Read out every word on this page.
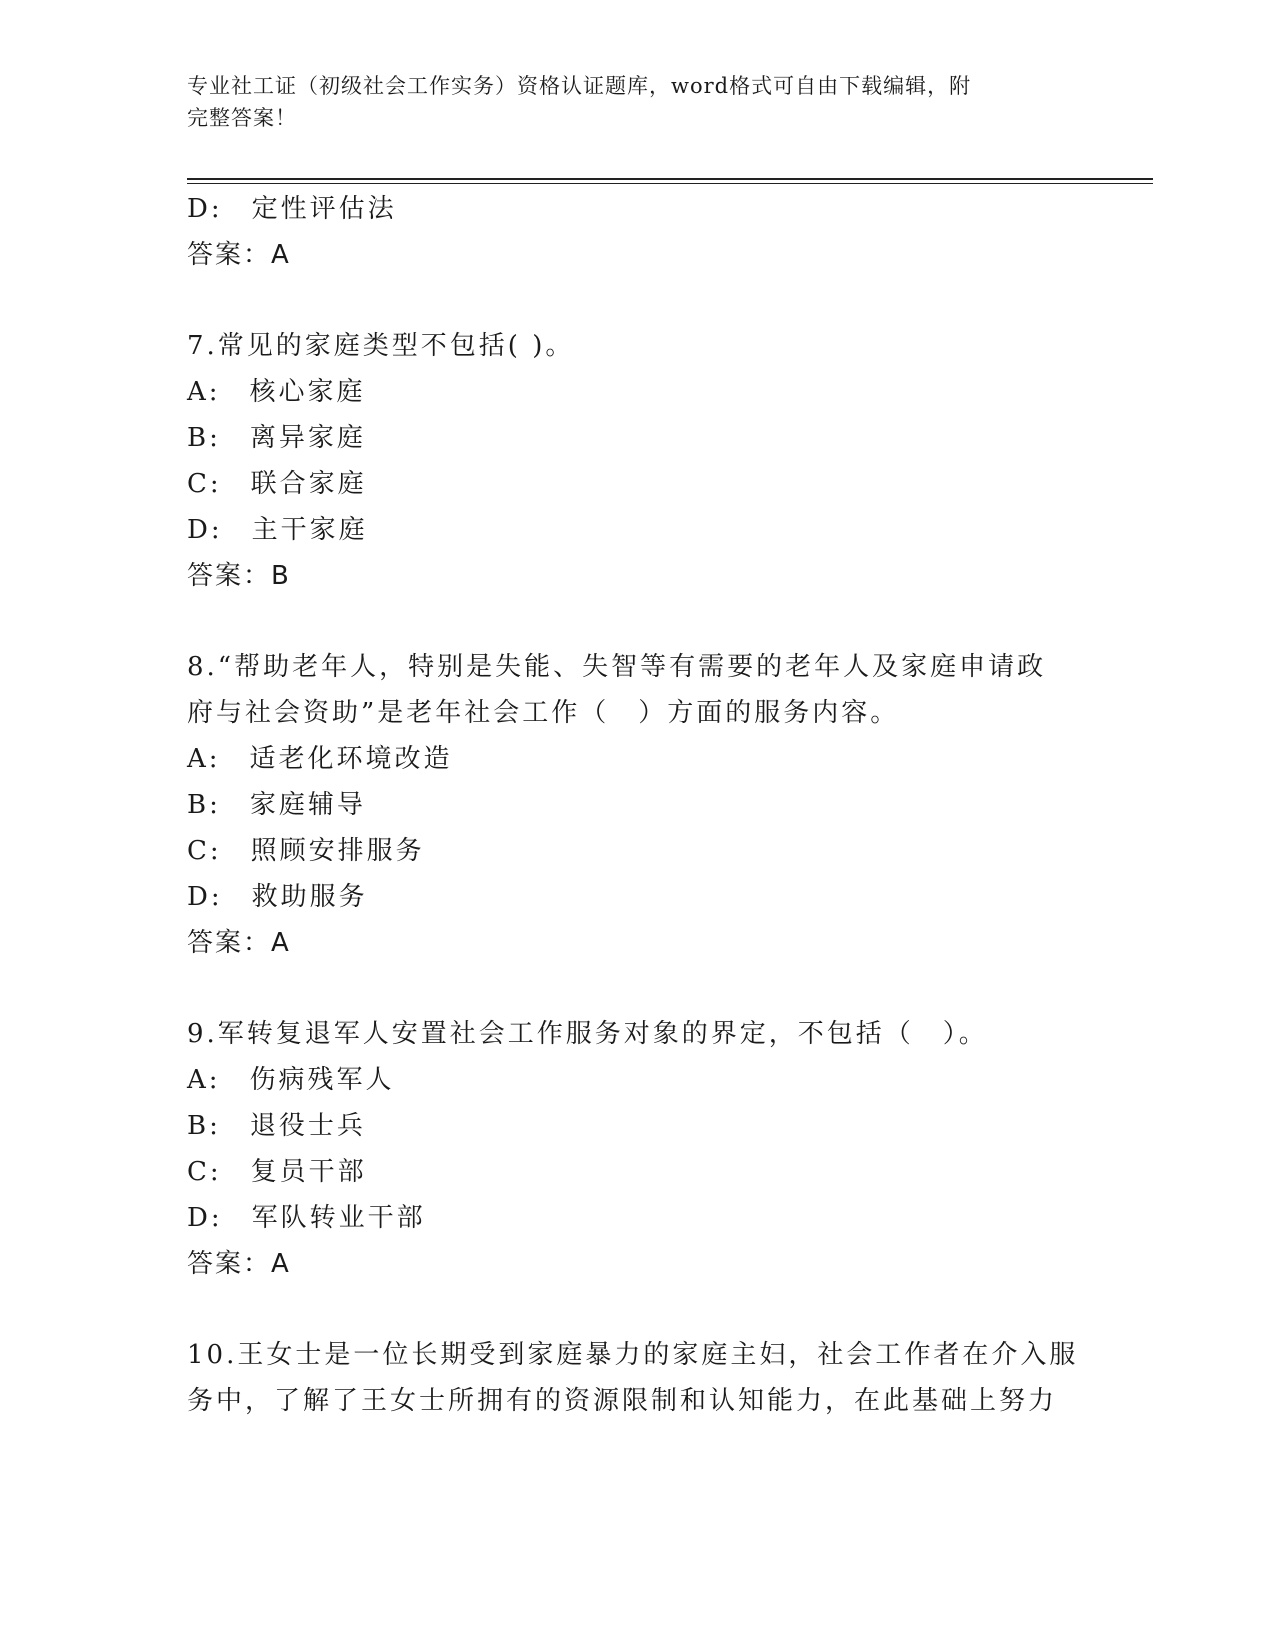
专业社工证（初级社会工作实务）资格认证题库，word格式可自由下载编辑，附
完整答案！
D:　定性评估法
答案：A
7.常见的家庭类型不包括( )。
A:　核心家庭
B:　离异家庭
C:　联合家庭
D:　主干家庭
答案：B
8.“帮助老年人，特别是失能、失智等有需要的老年人及家庭申请政
府与社会资助”是老年社会工作（　）方面的服务内容。
A:　适老化环境改造
B:　家庭辅导
C:　照顾安排服务
D:　救助服务
答案：A
9.军转复退军人安置社会工作服务对象的界定，不包括（　）。
A:　伤病残军人
B:　退役士兵
C:　复员干部
D:　军队转业干部
答案：A
10.王女士是一位长期受到家庭暴力的家庭主妇，社会工作者在介入服
务中，了解了王女士所拥有的资源限制和认知能力，在此基础上努力
